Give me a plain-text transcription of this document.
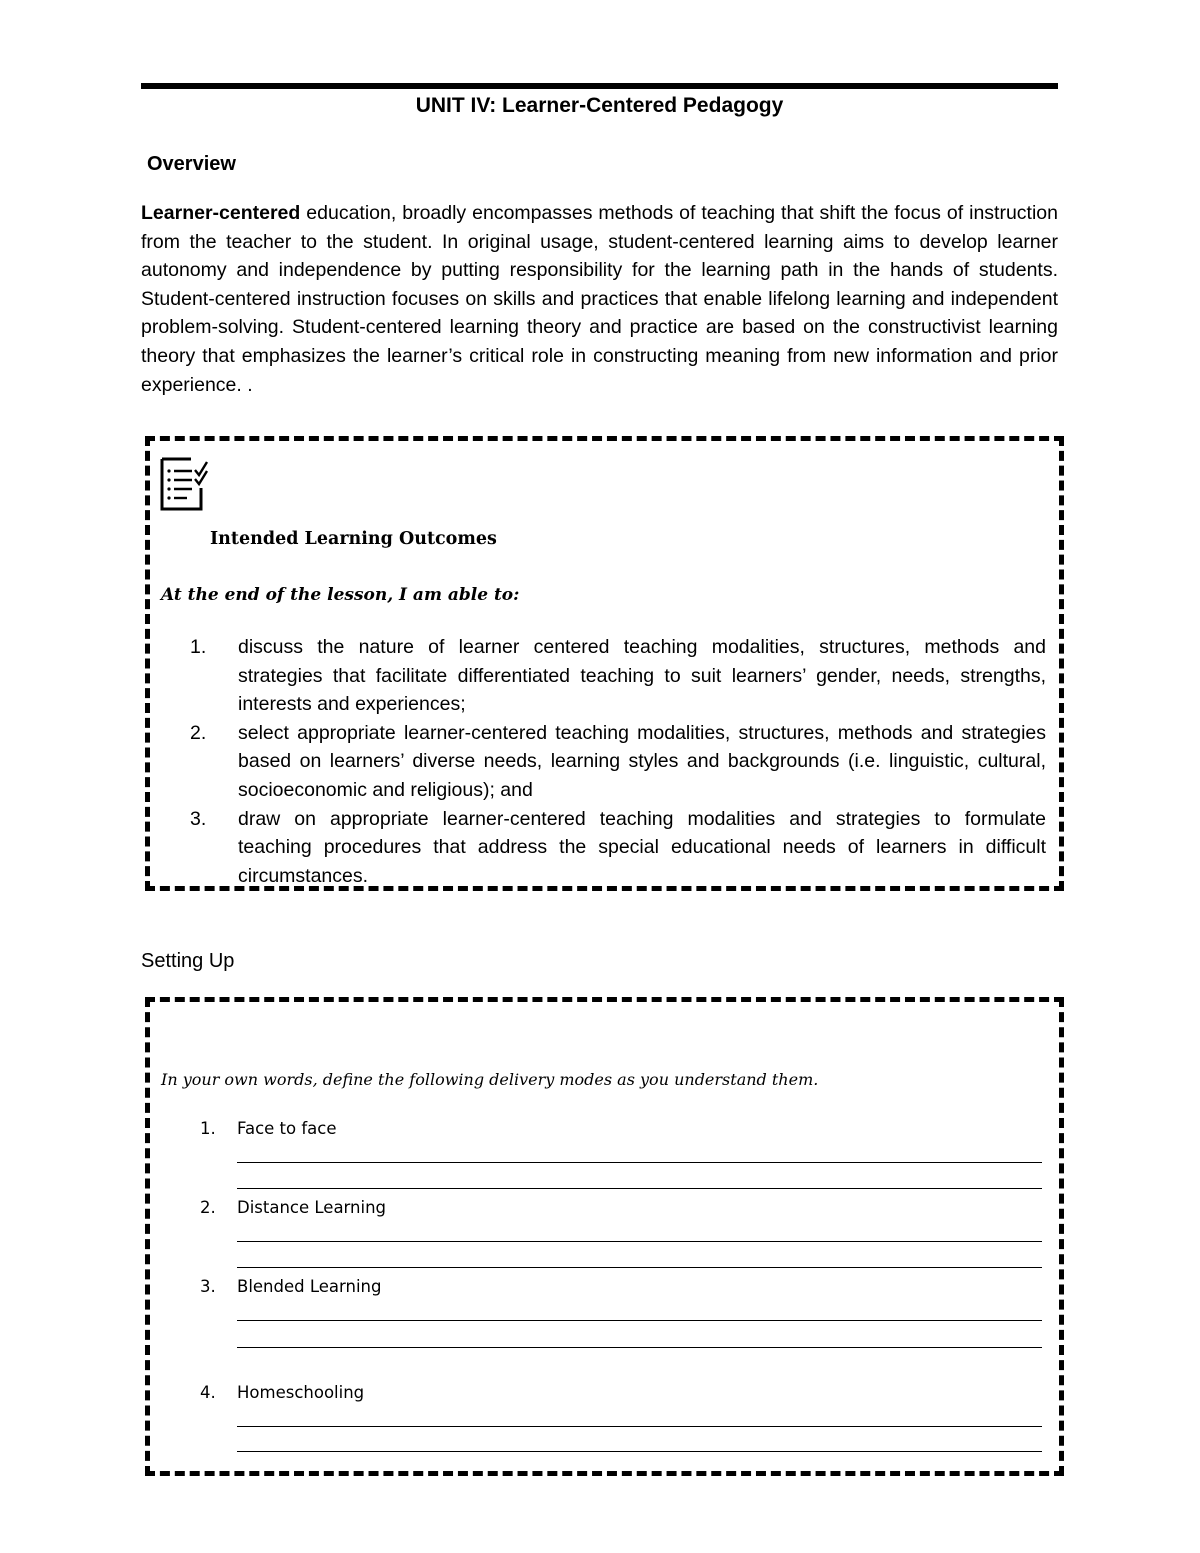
UNIT IV: Learner-Centered Pedagogy
Overview

Learner-centered education, broadly encompasses methods of teaching that shift the focus of instruction from the teacher to the student. In original usage, student-centered learning aims to develop learner autonomy and independence by putting responsibility for the learning path in the hands of students. Student-centered instruction focuses on skills and practices that enable lifelong learning and independent problem-solving. Student-centered learning theory and practice are based on the constructivist learning theory that emphasizes the learner’s critical role in constructing meaning from new information and prior experience. .

Intended Learning Outcomes
At the end of the lesson, I am able to:
1.	discuss the nature of learner centered teaching modalities, structures, methods and strategies that facilitate differentiated teaching to suit learners’ gender, needs, strengths, interests and experiences;
2.	select appropriate learner-centered teaching modalities, structures, methods and strategies based on learners’ diverse needs, learning styles and backgrounds (i.e. linguistic, cultural, socioeconomic and religious); and
3.	draw on appropriate learner-centered teaching modalities and strategies to formulate teaching procedures that address the special educational needs of learners in difficult circumstances.
Setting Up
In your own words, define the following delivery modes as you understand them.
1. Face to face
2. Distance Learning
3. Blended Learning
4. Homeschooling
